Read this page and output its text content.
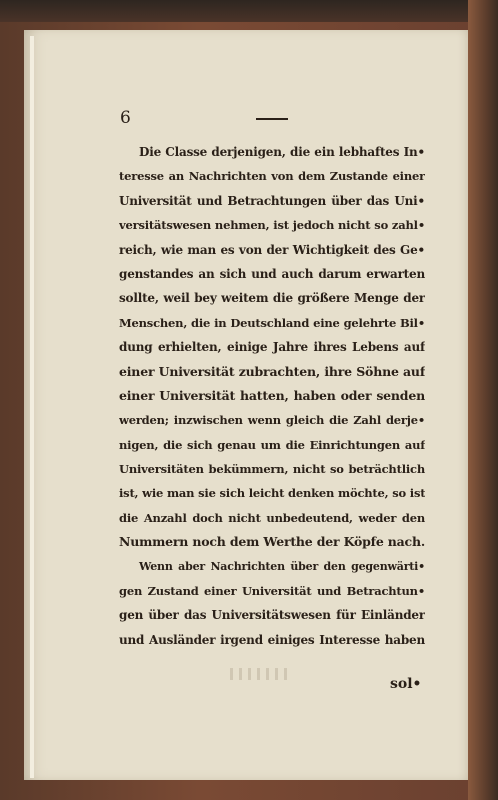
6
Die Classe derjenigen, die ein lebhaftes In•
teresse an Nachrichten von dem Zustande einer
Universität und Betrachtungen über das Uni•
versitätswesen nehmen, ist jedoch nicht so zahl•
reich, wie man es von der Wichtigkeit des Ge•
genstandes an sich und auch darum erwarten
sollte, weil bey weitem die größere Menge der
Menschen, die in Deutschland eine gelehrte Bil•
dung erhielten, einige Jahre ihres Lebens auf
einer Universität zubrachten, ihre Söhne auf
einer Universität hatten, haben oder senden
werden; inzwischen wenn gleich die Zahl derje•
nigen, die sich genau um die Einrichtungen auf
Universitäten bekümmern, nicht so beträchtlich
ist, wie man sie sich leicht denken möchte, so ist
die Anzahl doch nicht unbedeutend, weder den
Nummern noch dem Werthe der Köpfe nach.
Wenn aber Nachrichten über den gegenwärti•
gen Zustand einer Universität und Betrachtun•
gen über das Universitätswesen für Einländer
und Ausländer irgend einiges Interesse haben
sol•
